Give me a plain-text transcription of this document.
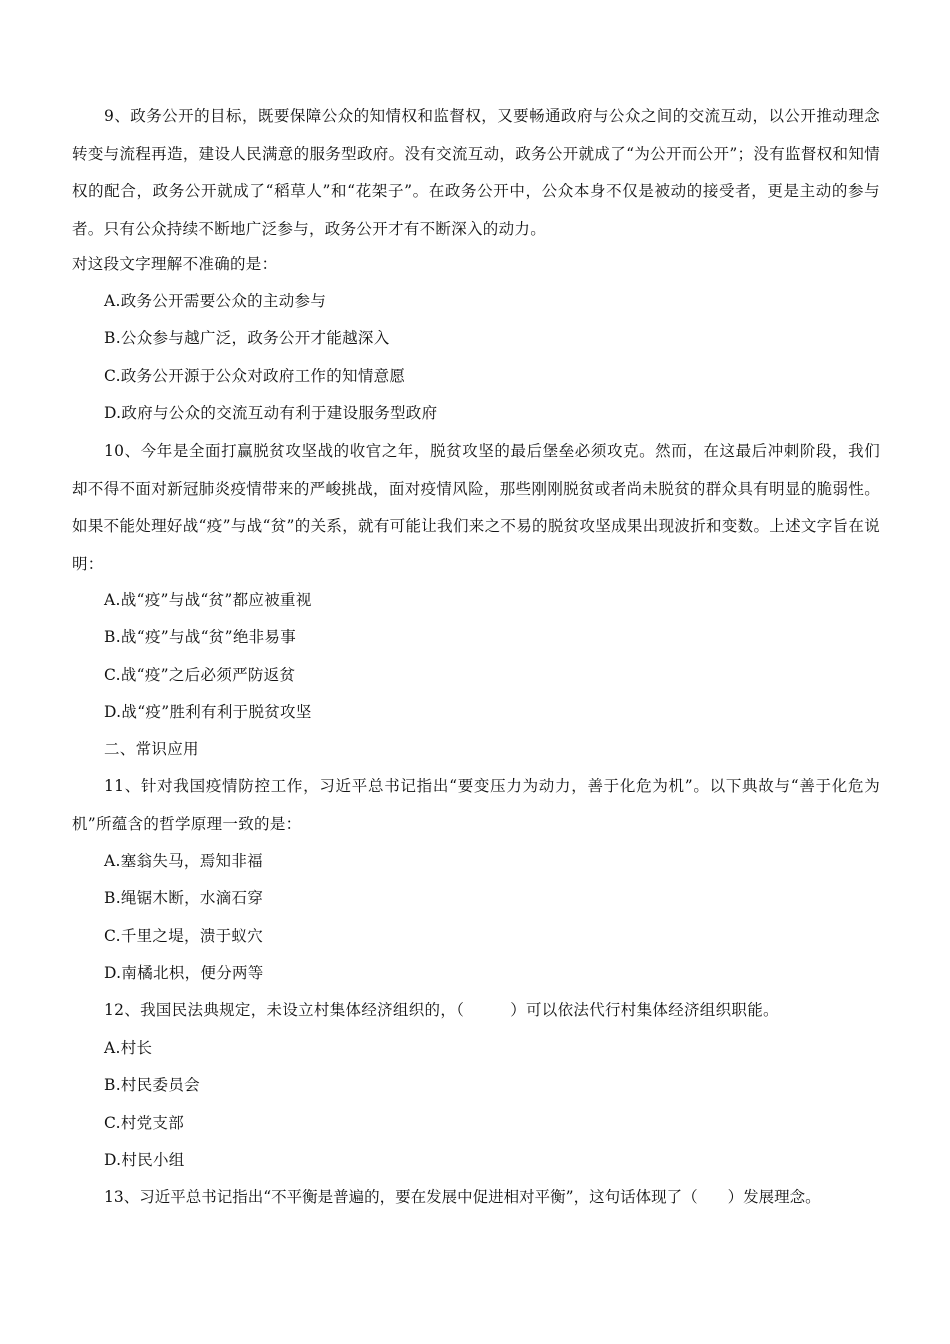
9、政务公开的目标，既要保障公众的知情权和监督权，又要畅通政府与公众之间的交流互动，以公开推动理念转变与流程再造，建设人民满意的服务型政府。没有交流互动，政务公开就成了“为公开而公开”；没有监督权和知情权的配合，政务公开就成了“稻草人”和“花架子”。在政务公开中，公众本身不仅是被动的接受者，更是主动的参与者。只有公众持续不断地广泛参与，政务公开才有不断深入的动力。

对这段文字理解不准确的是：

A.政务公开需要公众的主动参与

B.公众参与越广泛，政务公开才能越深入

C.政务公开源于公众对政府工作的知情意愿

D.政府与公众的交流互动有利于建设服务型政府

10、今年是全面打赢脱贫攻坚战的收官之年，脱贫攻坚的最后堡垒必须攻克。然而，在这最后冲刺阶段，我们却不得不面对新冠肺炎疫情带来的严峻挑战，面对疫情风险，那些刚刚脱贫或者尚未脱贫的群众具有明显的脆弱性。如果不能处理好战“疫”与战“贫”的关系，就有可能让我们来之不易的脱贫攻坚成果出现波折和变数。上述文字旨在说明：

A.战“疫”与战“贫”都应被重视

B.战“疫”与战“贫”绝非易事

C.战“疫”之后必须严防返贫

D.战“疫”胜利有利于脱贫攻坚

二、常识应用

11、针对我国疫情防控工作，习近平总书记指出“要变压力为动力，善于化危为机”。以下典故与“善于化危为机”所蕴含的哲学原理一致的是：

A.塞翁失马，焉知非福

B.绳锯木断，水滴石穿

C.千里之堤，溃于蚁穴

D.南橘北枳，便分两等

12、我国民法典规定，未设立村集体经济组织的，（	）可以依法代行村集体经济组织职能。

A.村长

B.村民委员会

C.村党支部

D.村民小组

13、习近平总书记指出“不平衡是普遍的，要在发展中促进相对平衡”，这句话体现了（ ）发展理念。
